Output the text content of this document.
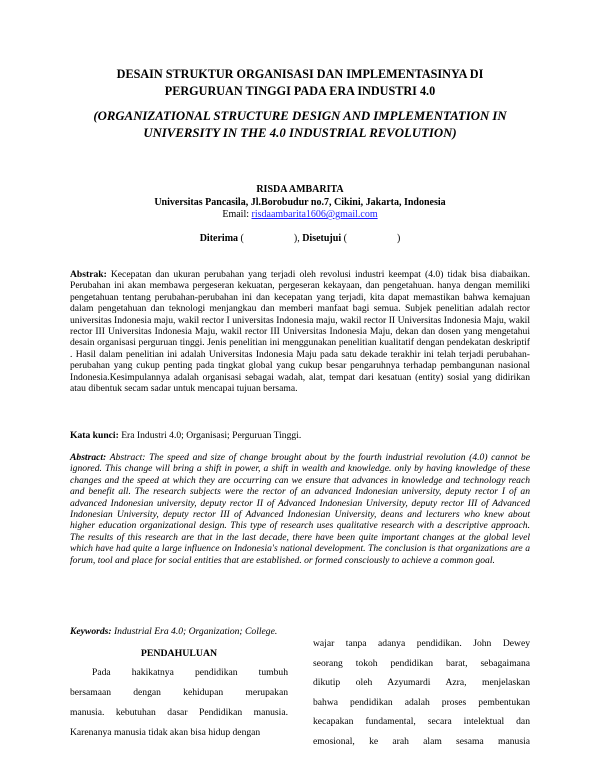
DESAIN STRUKTUR ORGANISASI DAN IMPLEMENTASINYA DI
PERGURUAN TINGGI PADA ERA INDUSTRI 4.0
(ORGANIZATIONAL STRUCTURE DESIGN AND IMPLEMENTATION IN
UNIVERSITY IN THE 4.0 INDUSTRIAL REVOLUTION)
RISDA AMBARITA
Universitas Pancasila, Jl.Borobudur no.7, Cikini, Jakarta, Indonesia
Email: risdaambarita1606@gmail.com
Diterima (                    ), Disetujui (                    )
Abstrak: Kecepatan dan ukuran perubahan yang terjadi oleh revolusi industri keempat (4.0) tidak bisa diabaikan. Perubahan ini akan membawa pergeseran kekuatan, pergeseran kekayaan, dan pengetahuan. hanya dengan memiliki pengetahuan tentang perubahan-perubahan ini dan kecepatan yang terjadi, kita dapat memastikan bahwa kemajuan dalam pengetahuan dan teknologi menjangkau dan memberi manfaat bagi semua. Subjek penelitian adalah rector universitas Indonesia maju, wakil rector I universitas Indonesia maju, wakil rector II Universitas Indonesia Maju, wakil rector III Universitas Indonesia Maju, wakil rector III Universitas Indonesia Maju, dekan dan dosen yang mengetahui desain organisasi perguruan tinggi. Jenis penelitian ini menggunakan penelitian kualitatif dengan pendekatan deskriptif . Hasil dalam penelitian ini adalah Universitas Indonesia Maju pada satu dekade terakhir ini telah terjadi perubahan-perubahan yang cukup penting pada tingkat global yang cukup besar pengaruhnya terhadap pembangunan nasional Indonesia.Kesimpulannya adalah organisasi sebagai wadah, alat, tempat dari kesatuan (entity) sosial yang didirikan atau dibentuk secam sadar untuk mencapai tujuan bersama.
Kata kunci: Era Industri 4.0; Organisasi; Perguruan Tinggi.
Abstract: Abstract: The speed and size of change brought about by the fourth industrial revolution (4.0) cannot be ignored. This change will bring a shift in power, a shift in wealth and knowledge. only by having knowledge of these changes and the speed at which they are occurring can we ensure that advances in knowledge and technology reach and benefit all. The research subjects were the rector of an advanced Indonesian university, deputy rector I of an advanced Indonesian university, deputy rector II of Advanced Indonesian University, deputy rector III of Advanced Indonesian University, deputy rector III of Advanced Indonesian University, deans and lecturers who knew about higher education organizational design. This type of research uses qualitative research with a descriptive approach. The results of this research are that in the last decade, there have been quite important changes at the global level which have had quite a large influence on Indonesia's national development. The conclusion is that organizations are a forum, tool and place for social entities that are established. or formed consciously to achieve a common goal.
Keywords: Industrial Era 4.0; Organization; College.
PENDAHULUAN
Pada hakikatnya pendidikan tumbuh
bersamaan dengan kehidupan merupakan
manusia. kebutuhan dasar Pendidikan manusia.
Karenanya manusia tidak akan bisa hidup dengan
wajar tanpa adanya pendidikan. John Dewey
seorang tokoh pendidikan barat, sebagaimana
dikutip oleh Azyumardi Azra, menjelaskan
bahwa pendidikan adalah proses pembentukan
kecapakan fundamental, secara intelektual dan
emosional, ke arah alam sesama manusia
